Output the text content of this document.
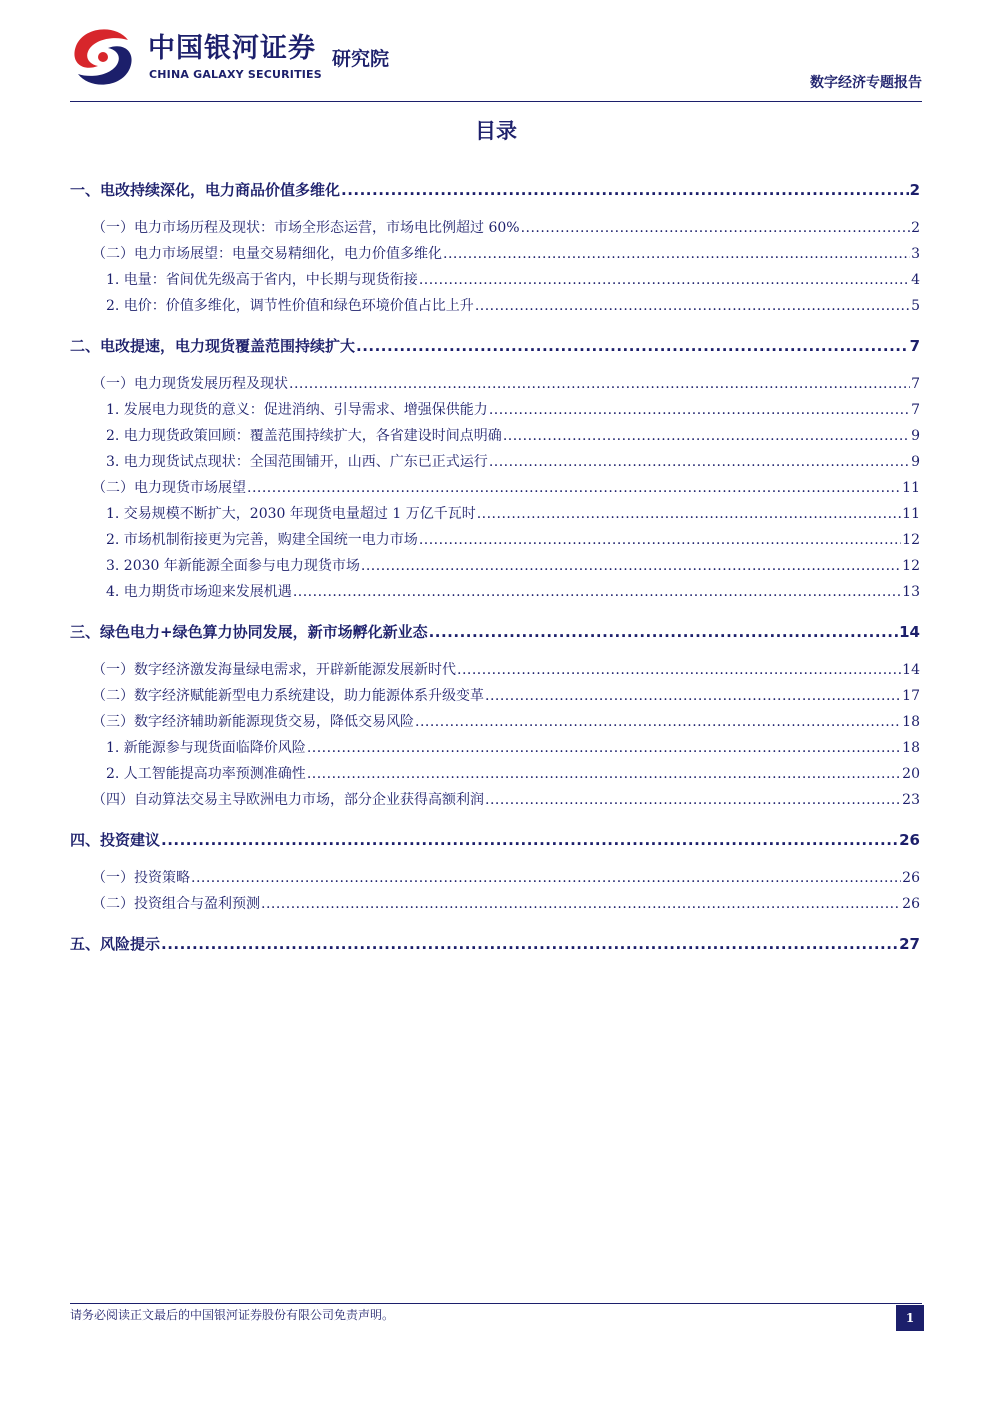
中国银河证券
CHINA GALAXY SECURITIES
研究院
数字经济专题报告
目录
一、电改持续深化，电力商品价值多维化 .....	2
（一）电力市场历程及现状：市场全形态运营，市场电比例超过 60% .....	2
（二）电力市场展望：电量交易精细化，电力价值多维化 .....	3
1. 电量：省间优先级高于省内，中长期与现货衔接 .....	4
2. 电价：价值多维化，调节性价值和绿色环境价值占比上升 .....	5
二、电改提速，电力现货覆盖范围持续扩大 .....	7
（一）电力现货发展历程及现状 .....	7
1. 发展电力现货的意义：促进消纳、引导需求、增强保供能力 .....	7
2. 电力现货政策回顾：覆盖范围持续扩大，各省建设时间点明确 .....	9
3. 电力现货试点现状：全国范围铺开，山西、广东已正式运行 .....	9
（二）电力现货市场展望 .....	11
1. 交易规模不断扩大，2030 年现货电量超过 1 万亿千瓦时 .....	11
2. 市场机制衔接更为完善，购建全国统一电力市场 .....	12
3. 2030 年新能源全面参与电力现货市场 .....	12
4. 电力期货市场迎来发展机遇 .....	13
三、绿色电力+绿色算力协同发展，新市场孵化新业态 .....	14
（一）数字经济激发海量绿电需求，开辟新能源发展新时代 .....	14
（二）数字经济赋能新型电力系统建设，助力能源体系升级变革 .....	17
（三）数字经济辅助新能源现货交易，降低交易风险 .....	18
1. 新能源参与现货面临降价风险 .....	18
2. 人工智能提高功率预测准确性 .....	20
（四）自动算法交易主导欧洲电力市场，部分企业获得高额利润 .....	23
四、投资建议 .....	26
（一）投资策略 .....	26
（二）投资组合与盈利预测 .....	26
五、风险提示 .....	27
请务必阅读正文最后的中国银河证券股份有限公司免责声明。	1
